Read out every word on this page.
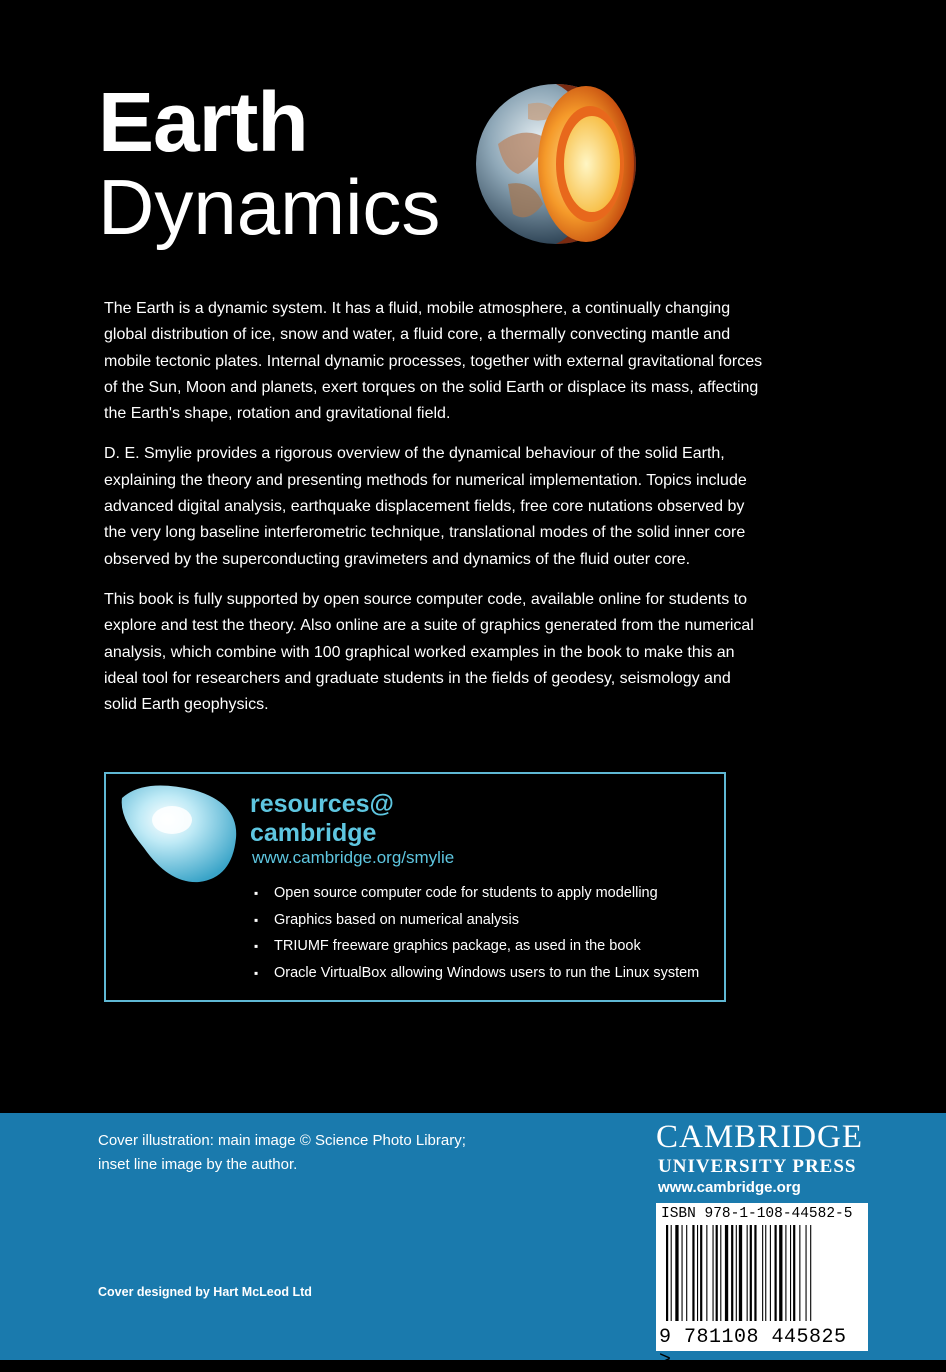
Earth
Dynamics

The Earth is a dynamic system. It has a fluid, mobile atmosphere, a continually changing global distribution of ice, snow and water, a fluid core, a thermally convecting mantle and mobile tectonic plates. Internal dynamic processes, together with external gravitational forces of the Sun, Moon and planets, exert torques on the solid Earth or displace its mass, affecting the Earth's shape, rotation and gravitational field.

D. E. Smylie provides a rigorous overview of the dynamical behaviour of the solid Earth, explaining the theory and presenting methods for numerical implementation. Topics include advanced digital analysis, earthquake displacement fields, free core nutations observed by the very long baseline interferometric technique, translational modes of the solid inner core observed by the superconducting gravimeters and dynamics of the fluid outer core.

This book is fully supported by open source computer code, available online for students to explore and test the theory. Also online are a suite of graphics generated from the numerical analysis, which combine with 100 graphical worked examples in the book to make this an ideal tool for researchers and graduate students in the fields of geodesy, seismology and solid Earth geophysics.

resources@
cambridge
www.cambridge.org/smylie
▪	Open source computer code for students to apply modelling
▪	Graphics based on numerical analysis
▪	TRIUMF freeware graphics package, as used in the book
▪	Oracle VirtualBox allowing Windows users to run the Linux system
Cover illustration: main image © Science Photo Library;
inset line image by the author.
Cover designed by Hart McLeod Ltd
CAMBRIDGE
UNIVERSITY PRESS
www.cambridge.org
ISBN 978-1-108-44582-5
9 781108 445825 >
